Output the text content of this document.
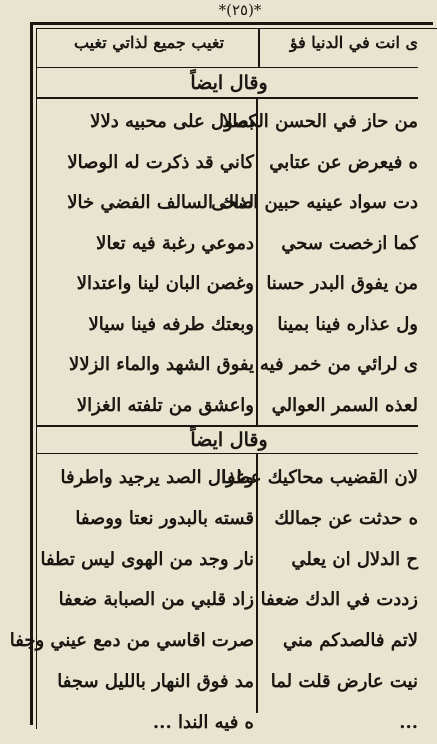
*(٢٥)*
ى انت في الدنيا فؤ
تغيب جميع لذاتي تغيب
وقال ايضاً
وقال ايضاً
بصول على محبيه دلالا
كاني قد ذكرت له الوصالا
لذاك السالف الفضي خالا
دموعي رغبة فيه تعالا
وغصن البان لينا واعتدالا
وبعتك طرفه فينا سيالا
يفوق الشهد والماء الزلالا
واعشق من تلفته الغزالا
من حاز في الحسن الكمالا
ه فيعرض عن عتابي
دت سواد عينيه حبين اضحى
كما ازخصت سحي
من يفوق البدر حسنا
ول عذاره فينا بمينا
ى لرائي من خمر فيه
لعذه السمر العوالي
وغزال الصد يرجيد واطرفا
قسته بالبدور نعتا ووصفا
نار وجد من الهوى ليس تطفا
زاد قلبي من الصبابة ضعفا
صرت اقاسي من دمع عيني وجفا
مد فوق النهار بالليل سجفا
ه فيه الندا ...
لان القضيب محاكيك عطفا
ه حدثت عن جمالك
ح الدلال ان يعلي
زددت في الدك ضعفا
لاتم فالصدكم مني
نيت عارض قلت لما
...
